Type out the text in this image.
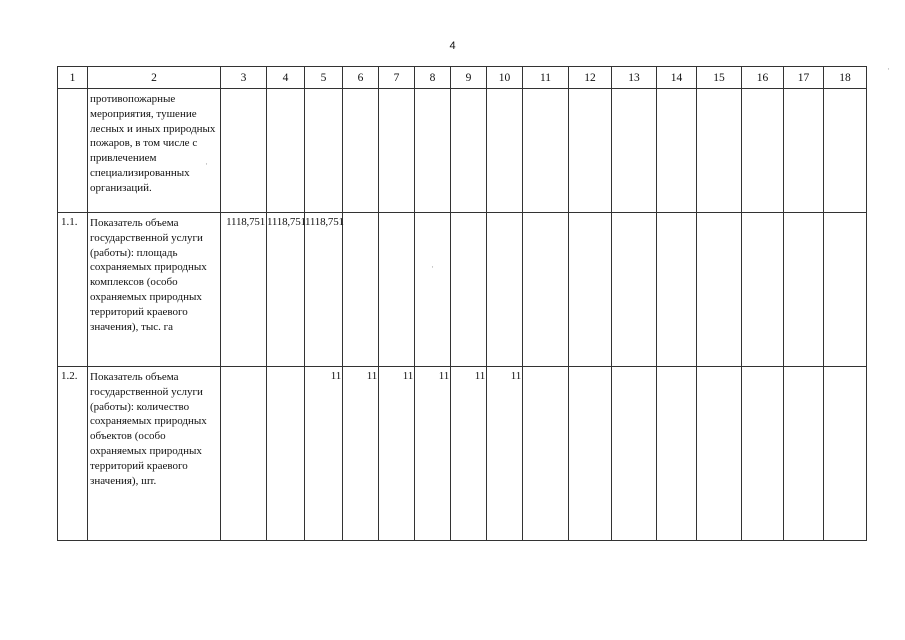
4
1	2	3	4	5	6	7	8	9	10	11	12	13	14	15	16	17	18
	противопожарные мероприятия, тушение лесных и иных природных пожаров, в том числе с привлечением специализированных организаций.																
1.1.	Показатель объема государственной услуги (работы): площадь сохраняемых природных комплексов (особо охраняемых природных территорий краевого значения), тыс. га	1118,751	1118,751	1118,751													
1.2.	Показатель объема государственной услуги (работы): количество сохраняемых природных объектов (особо охраняемых природных территорий краевого значения), шт.			11	11	11	11	11	11								
·
·
·
